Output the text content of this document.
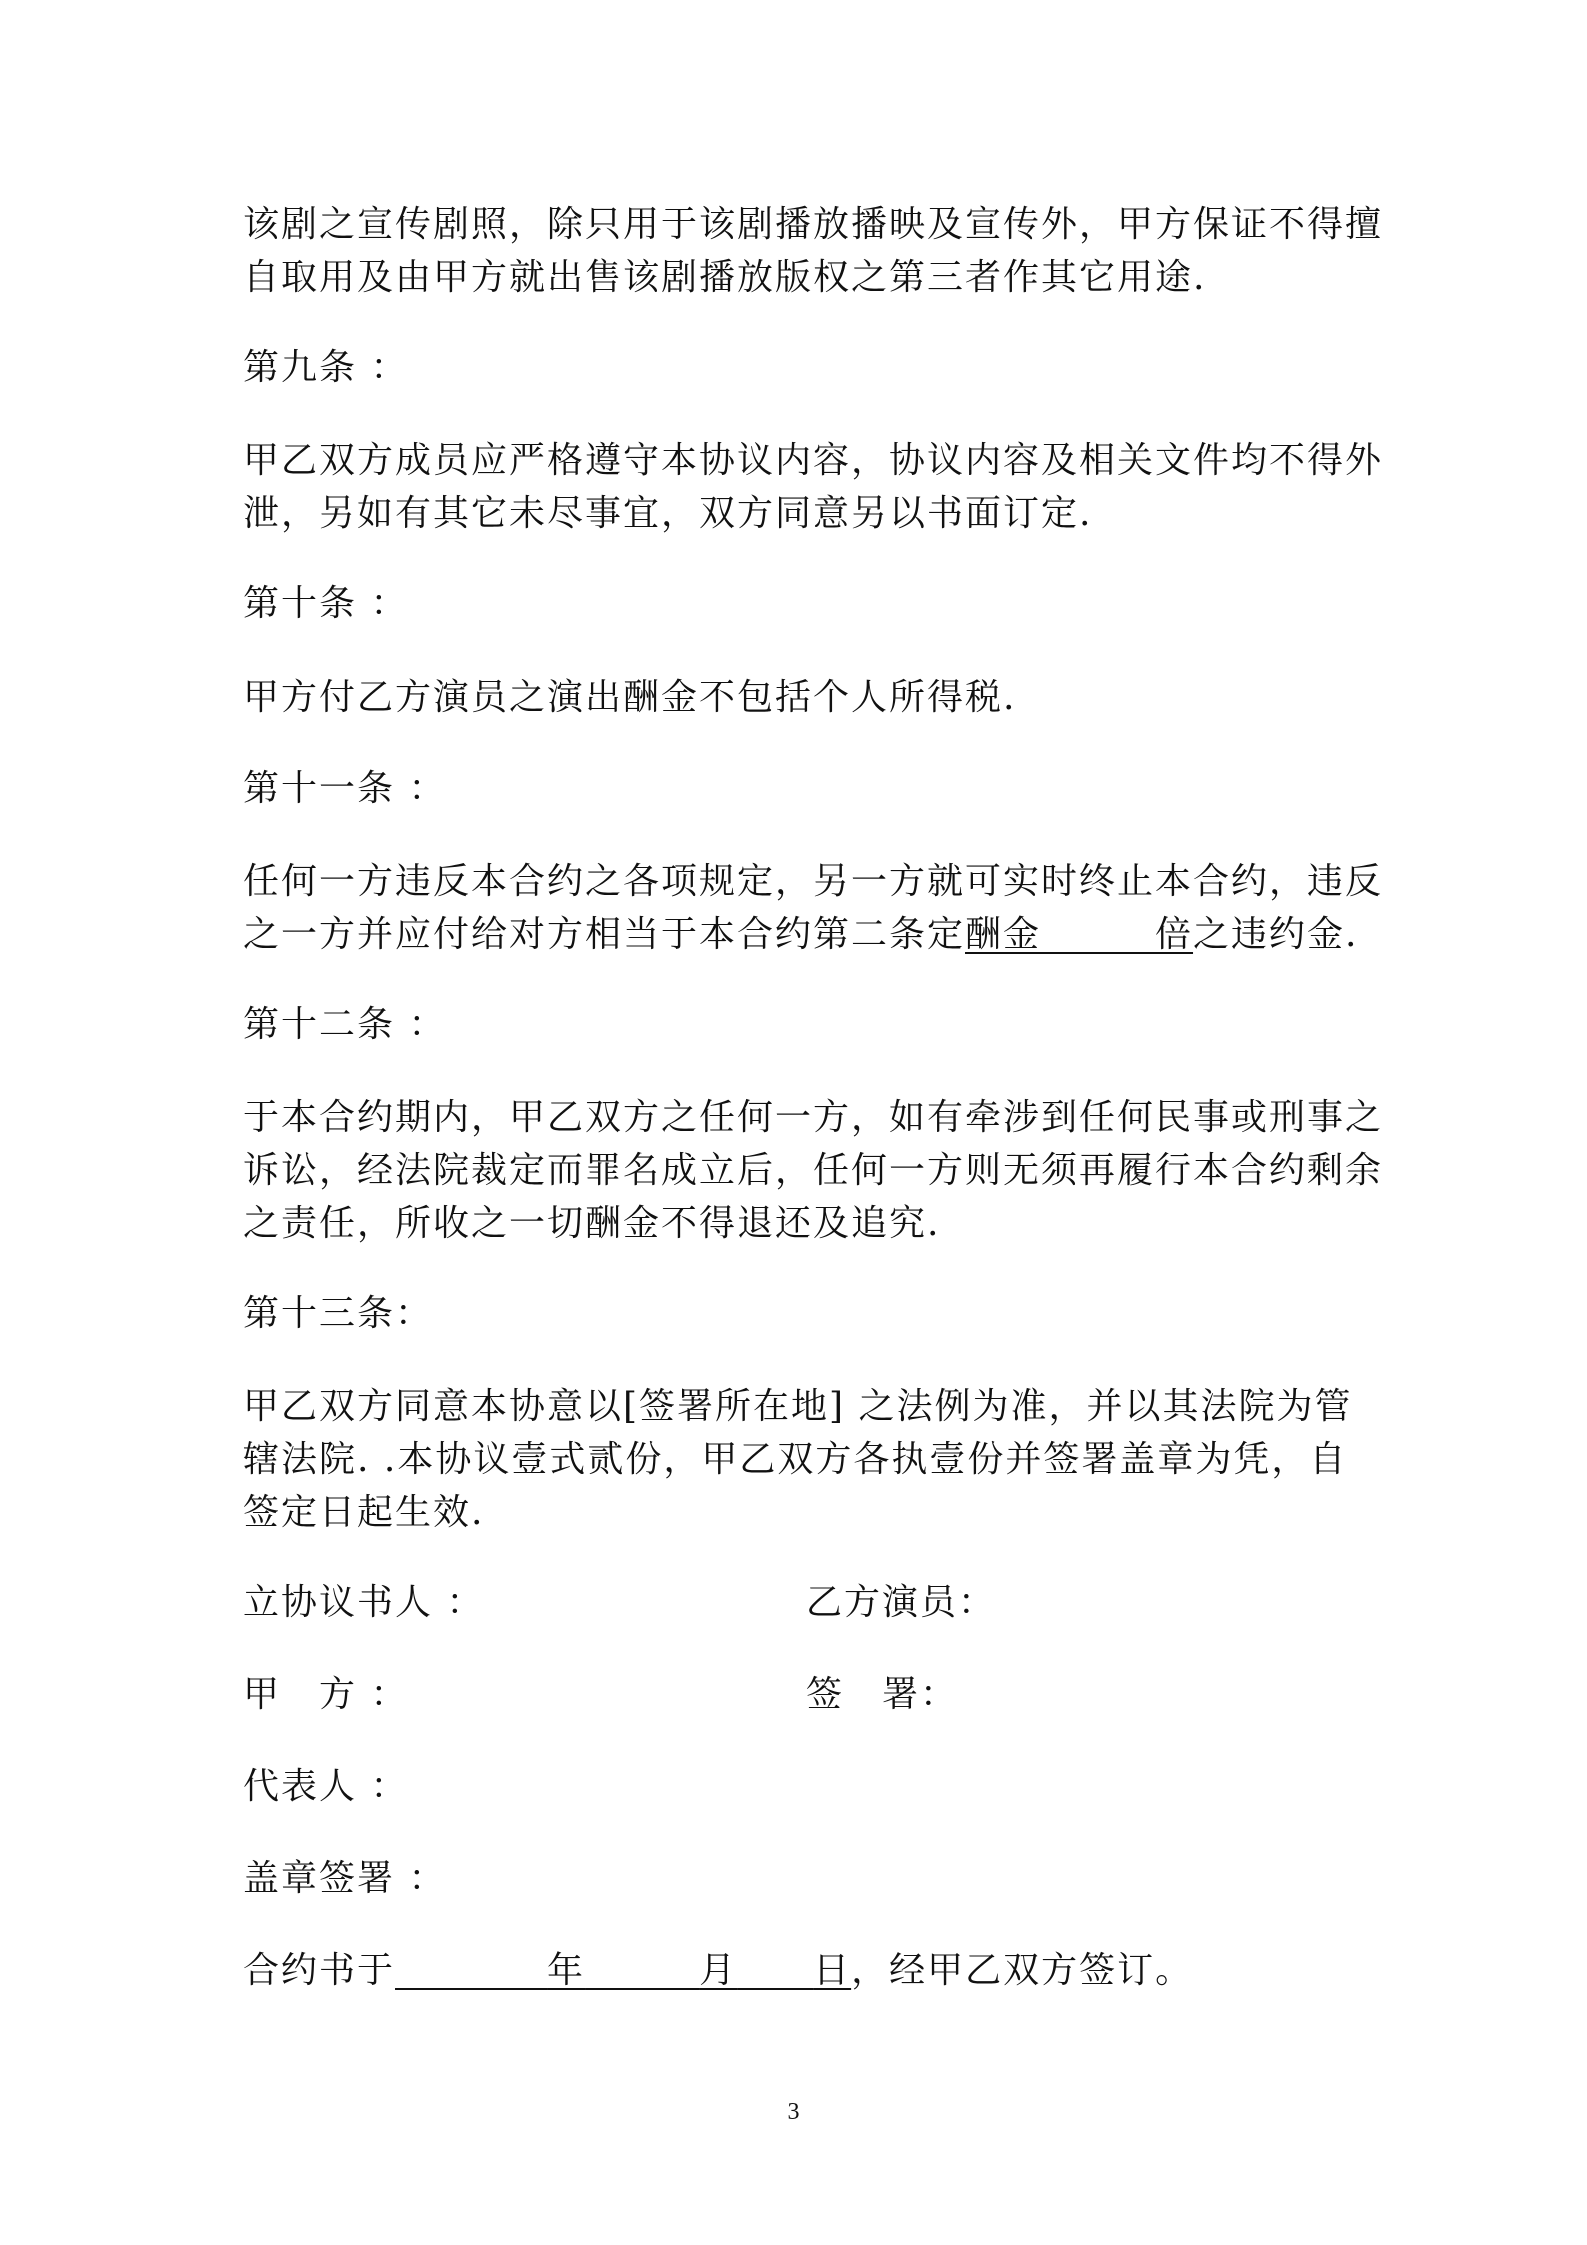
该剧之宣传剧照，除只用于该剧播放播映及宣传外，甲方保证不得擅
自取用及由甲方就出售该剧播放版权之第三者作其它用途.
第九条 ：
甲乙双方成员应严格遵守本协议内容，协议内容及相关文件均不得外
泄，另如有其它未尽事宜，双方同意另以书面订定.
第十条 ：
甲方付乙方演员之演出酬金不包括个人所得税.
第十一条 ：
任何一方违反本合约之各项规定，另一方就可实时终止本合约，违反
之一方并应付给对方相当于本合约第二条定酬金　　　倍之违约金.
第十二条 ：
于本合约期内，甲乙双方之任何一方，如有牵涉到任何民事或刑事之
诉讼，经法院裁定而罪名成立后，任何一方则无须再履行本合约剩余
之责任，所收之一切酬金不得退还及追究.
第十三条：
甲乙双方同意本协意以[签署所在地] 之法例为准，并以其法院为管
辖法院. .本协议壹式贰份，甲乙双方各执壹份并签署盖章为凭，自
签定日起生效.
立协议书人 ：	乙方演员：
甲　方 ：	签　署：
代表人 ：
盖章签署 ：
合约书于　　　　	年　　　	月　　 日，经甲乙双方签订。
3
